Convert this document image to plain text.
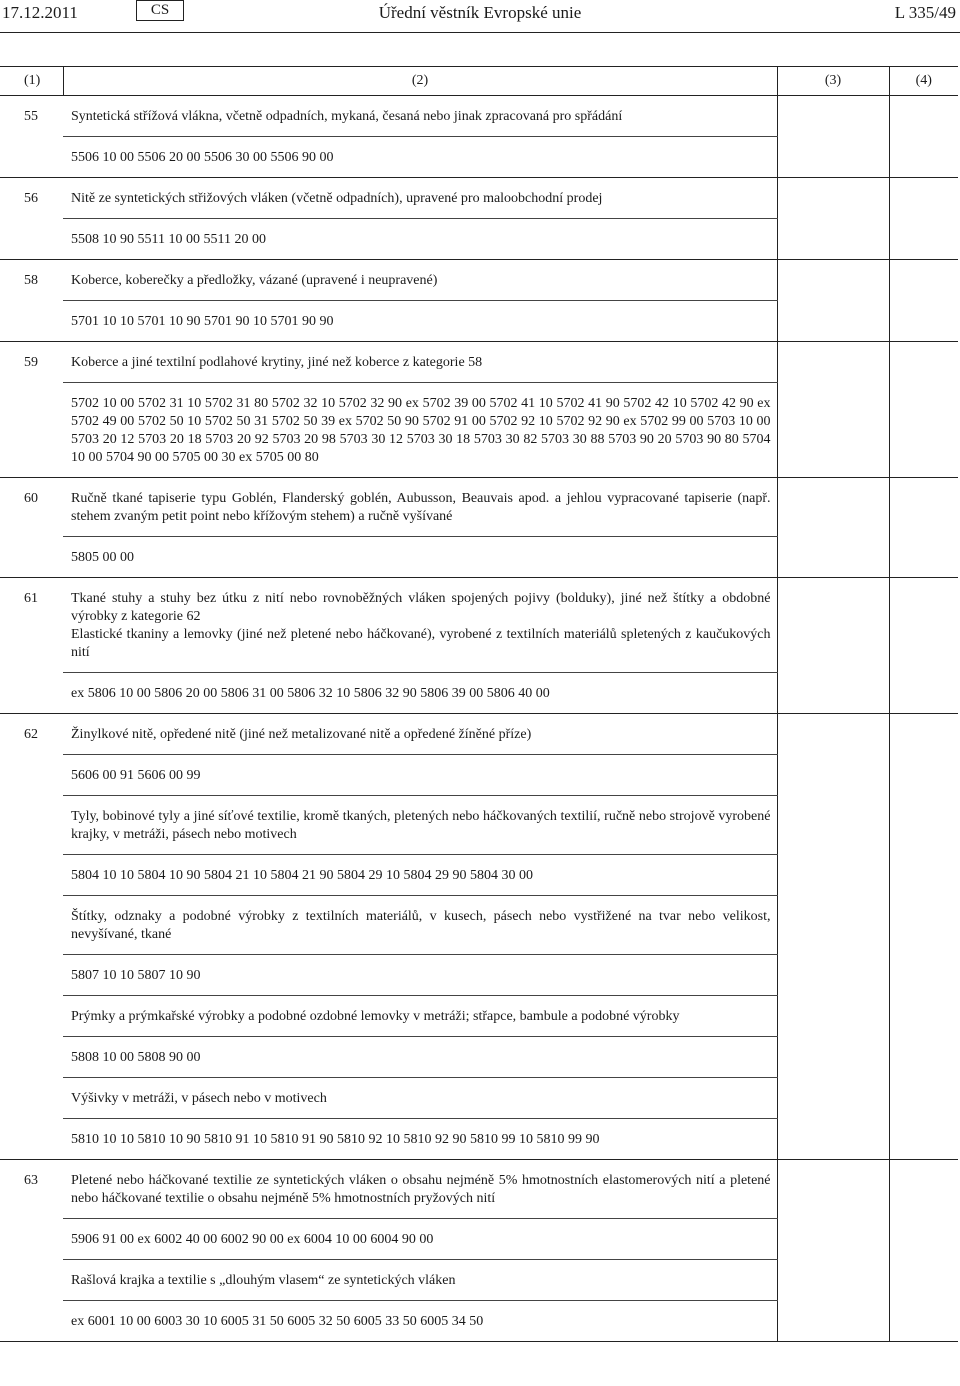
17.12.2011	CS	Úřední věstník Evropské unie	L 335/49
(1)	(2)	(3)	(4)
55	Syntetická střížová vlákna, včetně odpadních, mykaná, česaná nebo jinak zpracovaná pro spřádání		

	5506 10 00 5506 20 00 5506 30 00 5506 90 00		

56	Nitě ze syntetických střižových vláken (včetně odpadních), upravené pro maloobchodní prodej		

	5508 10 90 5511 10 00 5511 20 00		

58	Koberce, koberečky a předložky, vázané (upravené i neupravené)		

	5701 10 10 5701 10 90 5701 90 10 5701 90 90		

59	Koberce a jiné textilní podlahové krytiny, jiné než koberce z kategorie 58		

	5702 10 00 5702 31 10 5702 31 80 5702 32 10 5702 32 90 ex 5702 39 00 5702 41 10 5702 41 90 5702 42 10 5702 42 90 ex 5702 49 00 5702 50 10 5702 50 31 5702 50 39 ex 5702 50 90 5702 91 00 5702 92 10 5702 92 90 ex 5702 99 00 5703 10 00 5703 20 12 5703 20 18 5703 20 92 5703 20 98 5703 30 12 5703 30 18 5703 30 82 5703 30 88 5703 90 20 5703 90 80 5704 10 00 5704 90 00 5705 00 30 ex 5705 00 80		

60	Ručně tkané tapiserie typu Goblén, Flanderský goblén, Aubusson, Beauvais apod. a jehlou vypracované tapiserie (např. stehem zvaným petit point nebo křížovým stehem) a ručně vyšívané		

	5805 00 00		

61	Tkané stuhy a stuhy bez útku z nití nebo rovnoběžných vláken spojených pojivy (bolduky), jiné než štítky a obdobné výrobky z kategorie 62
Elastické tkaniny a lemovky (jiné než pletené nebo háčkované), vyrobené z textilních materiálů spletených z kaučukových nití		

	ex 5806 10 00 5806 20 00 5806 31 00 5806 32 10 5806 32 90 5806 39 00 5806 40 00		

62	Žinylkové nitě, opředené nitě (jiné než metalizované nitě a opředené žíněné příze)		

	5606 00 91 5606 00 99		

	Tyly, bobinové tyly a jiné síťové textilie, kromě tkaných, pletených nebo háčkovaných textilií, ručně nebo strojově vyrobené krajky, v metráži, pásech nebo motivech		

	5804 10 10 5804 10 90 5804 21 10 5804 21 90 5804 29 10 5804 29 90 5804 30 00		

	Štítky, odznaky a podobné výrobky z textilních materiálů, v kusech, pásech nebo vystřižené na tvar nebo velikost, nevyšívané, tkané		

	5807 10 10 5807 10 90		

	Prýmky a prýmkařské výrobky a podobné ozdobné lemovky v metráži; střapce, bambule a podobné výrobky		

	5808 10 00 5808 90 00		

	Výšivky v metráži, v pásech nebo v motivech		

	5810 10 10 5810 10 90 5810 91 10 5810 91 90 5810 92 10 5810 92 90 5810 99 10 5810 99 90		

63	Pletené nebo háčkované textilie ze syntetických vláken o obsahu nejméně 5% hmotnostních elastomerových nití a pletené nebo háčkované textilie o obsahu nejméně 5% hmotnostních pryžových nití		

	5906 91 00 ex 6002 40 00 6002 90 00 ex 6004 10 00 6004 90 00		

	Rašlová krajka a textilie s „dlouhým vlasem“ ze syntetických vláken		

	ex 6001 10 00 6003 30 10 6005 31 50 6005 32 50 6005 33 50 6005 34 50		
